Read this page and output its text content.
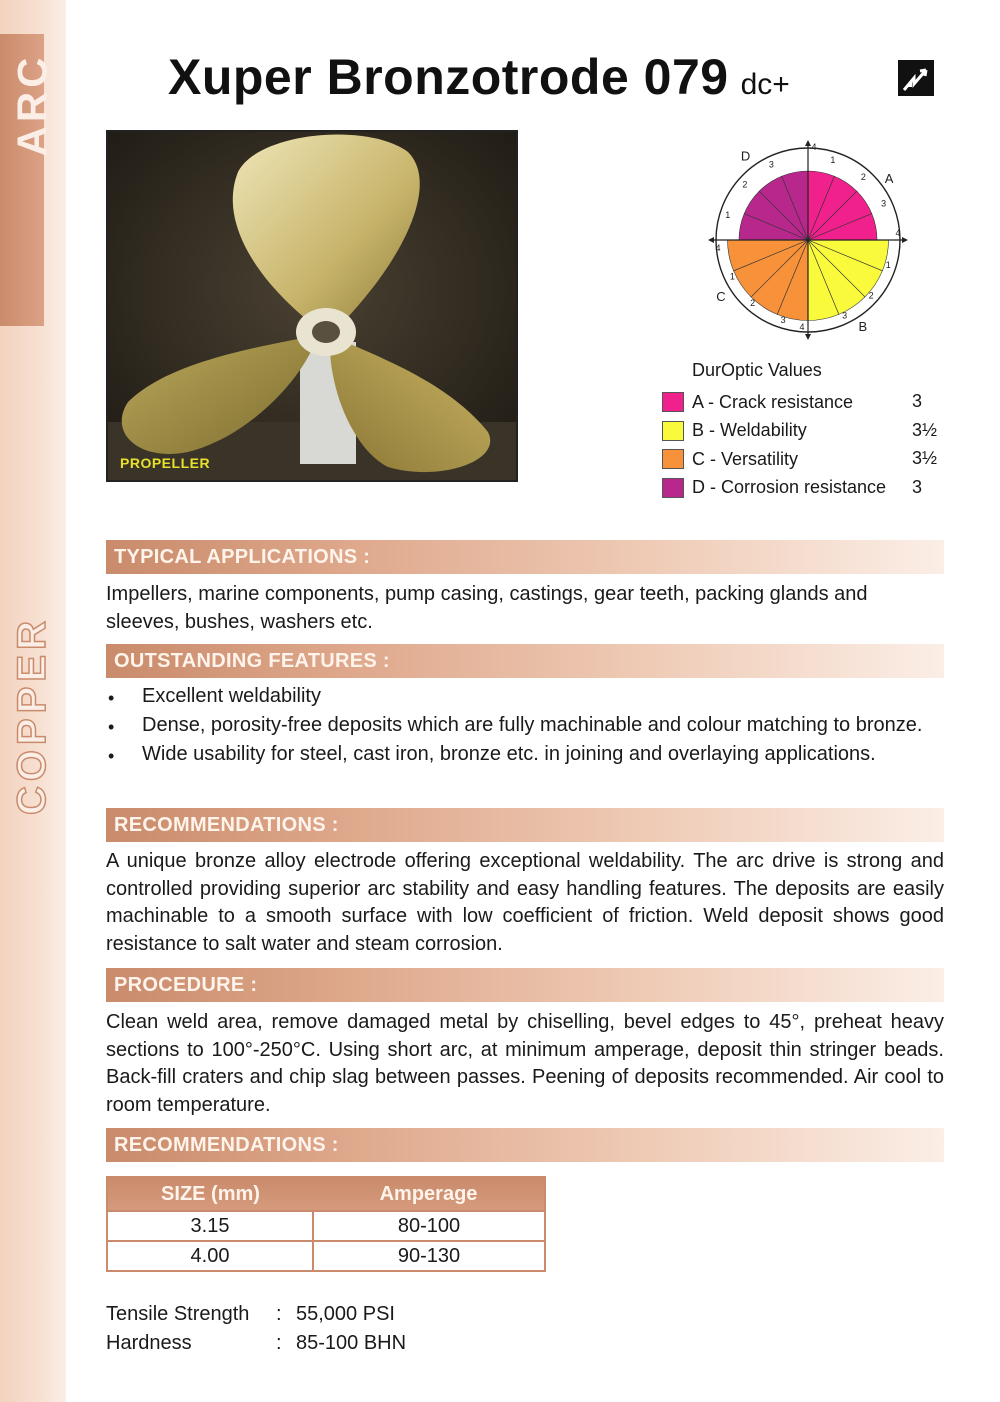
ARC
COPPER
Xuper Bronzotrode 079 dc+
PROPELLER
1
2
3
1
2
3
3
2
1
1
2
3
4
4
4
4
A
B
C
D
DurOptic Values
A - Crack resistance	3
B - Weldability	3½
C - Versatility	3½
D - Corrosion resistance	3
TYPICAL APPLICATIONS :
Impellers, marine components, pump casing, castings, gear teeth, packing glands and sleeves, bushes, washers etc.
OUTSTANDING FEATURES :
• Excellent weldability
• Dense, porosity-free deposits which are fully machinable and colour matching to bronze.
• Wide usability for steel, cast iron, bronze etc. in joining and overlaying applications.
RECOMMENDATIONS :
A unique bronze alloy electrode offering exceptional weldability. The arc drive is strong and controlled providing superior arc stability and easy handling features. The deposits are easily machinable to a smooth surface with low coefficient of friction. Weld deposit shows good resistance to salt water and steam corrosion.
PROCEDURE :
Clean weld area, remove damaged metal by chiselling, bevel edges to 45°, preheat heavy sections to 100°-250°C. Using short arc, at minimum amperage, deposit thin stringer beads. Back-fill craters and chip slag between passes. Peening of deposits recommended. Air cool to room temperature.
RECOMMENDATIONS :
SIZE (mm)	Amperage
3.15	80-100
4.00	90-130
Tensile Strength	: 55,000 PSI
Hardness	: 85-100 BHN
